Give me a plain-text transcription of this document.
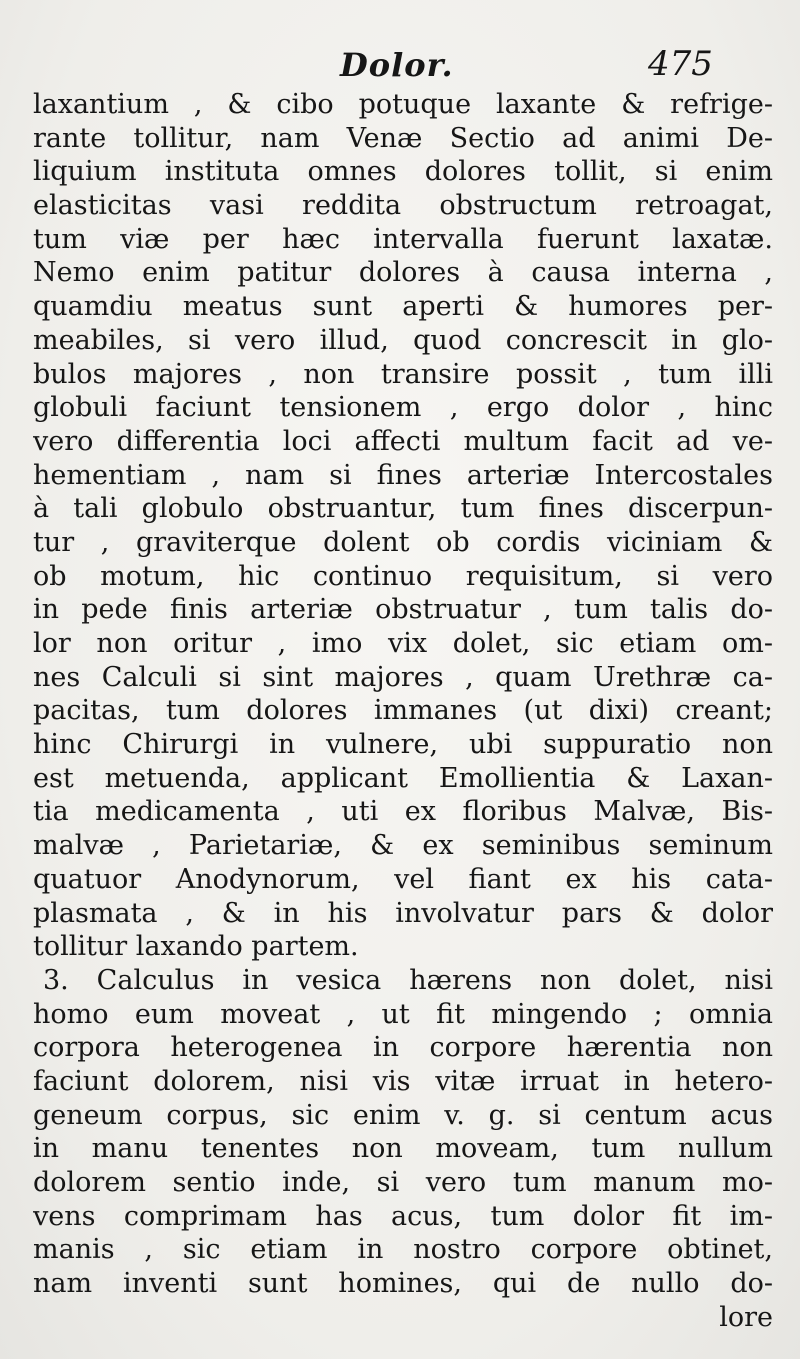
Dolor.	475
laxantium , & cibo potuque laxante & refrige-
rante tollitur, nam Venæ Sectio ad animi De-
liquium instituta omnes dolores tollit, si enim
elasticitas vasi reddita obstructum retroagat,
tum viæ per hæc intervalla fuerunt laxatæ.
Nemo enim patitur dolores à causa interna ,
quamdiu meatus sunt aperti & humores per-
meabiles, si vero illud, quod concrescit in glo-
bulos majores , non transire possit , tum illi
globuli faciunt tensionem , ergo dolor , hinc
vero differentia loci affecti multum facit ad ve-
hementiam , nam si fines arteriæ Intercostales
à tali globulo obstruantur, tum fines discerpun-
tur , graviterque dolent ob cordis viciniam &
ob motum, hic continuo requisitum, si vero
in pede finis arteriæ obstruatur , tum talis do-
lor non oritur , imo vix dolet, sic etiam om-
nes Calculi si sint majores , quam Urethræ ca-
pacitas, tum dolores immanes (ut dixi) creant;
hinc Chirurgi in vulnere, ubi suppuratio non
est metuenda, applicant Emollientia & Laxan-
tia medicamenta , uti ex floribus Malvæ, Bis-
malvæ , Parietariæ, & ex seminibus seminum
quatuor Anodynorum, vel fiant ex his cata-
plasmata , & in his involvatur pars & dolor
tollitur laxando partem.
3. Calculus in vesica hærens non dolet, nisi
homo eum moveat , ut fit mingendo ; omnia
corpora heterogenea in corpore hærentia non
faciunt dolorem, nisi vis vitæ irruat in hetero-
geneum corpus, sic enim v. g. si centum acus
in manu tenentes non moveam, tum nullum
dolorem sentio inde, si vero tum manum mo-
vens comprimam has acus, tum dolor fit im-
manis , sic etiam in nostro corpore obtinet,
nam inventi sunt homines, qui de nullo do-
lore
